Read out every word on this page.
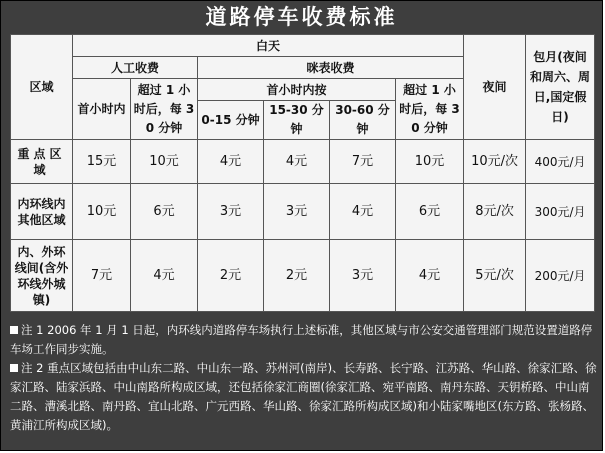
道路停车收费标准
区域	白天						夜间	包月(夜间和周六、周日,国定假日)
	人工收费		咪表收费					
	首小时内	超过 1 小时后，每 30 分钟	首小时内按			超过 1 小时后，每 30 分钟		
			0-15 分钟	15-30 分钟	30-60 分钟			
重点区域	15元	10元	4元	4元	7元	10元	10元/次	400元/月
内环线内其他区域	10元	6元	3元	3元	4元	6元	8元/次	300元/月
内、外环线间(含外环线外城镇)	7元	4元	2元	2元	3元	4元	5元/次	200元/月

注 1 2006 年 1 月 1 日起，内环线内道路停车场执行上述标准，其他区域与市公安交通管理部门规范设置道路停车场工作同步实施。

注 2 重点区域包括由中山东二路、中山东一路、苏州河(南岸)、长寿路、长宁路、江苏路、华山路、徐家汇路、徐家汇路、陆家浜路、中山南路所构成区域，还包括徐家汇商圈(徐家汇路、宛平南路、南丹东路、天钥桥路、中山南二路、漕溪北路、南丹路、宜山北路、广元西路、华山路、徐家汇路所构成区域)和小陆家嘴地区(东方路、张杨路、黄浦江所构成区域)。
